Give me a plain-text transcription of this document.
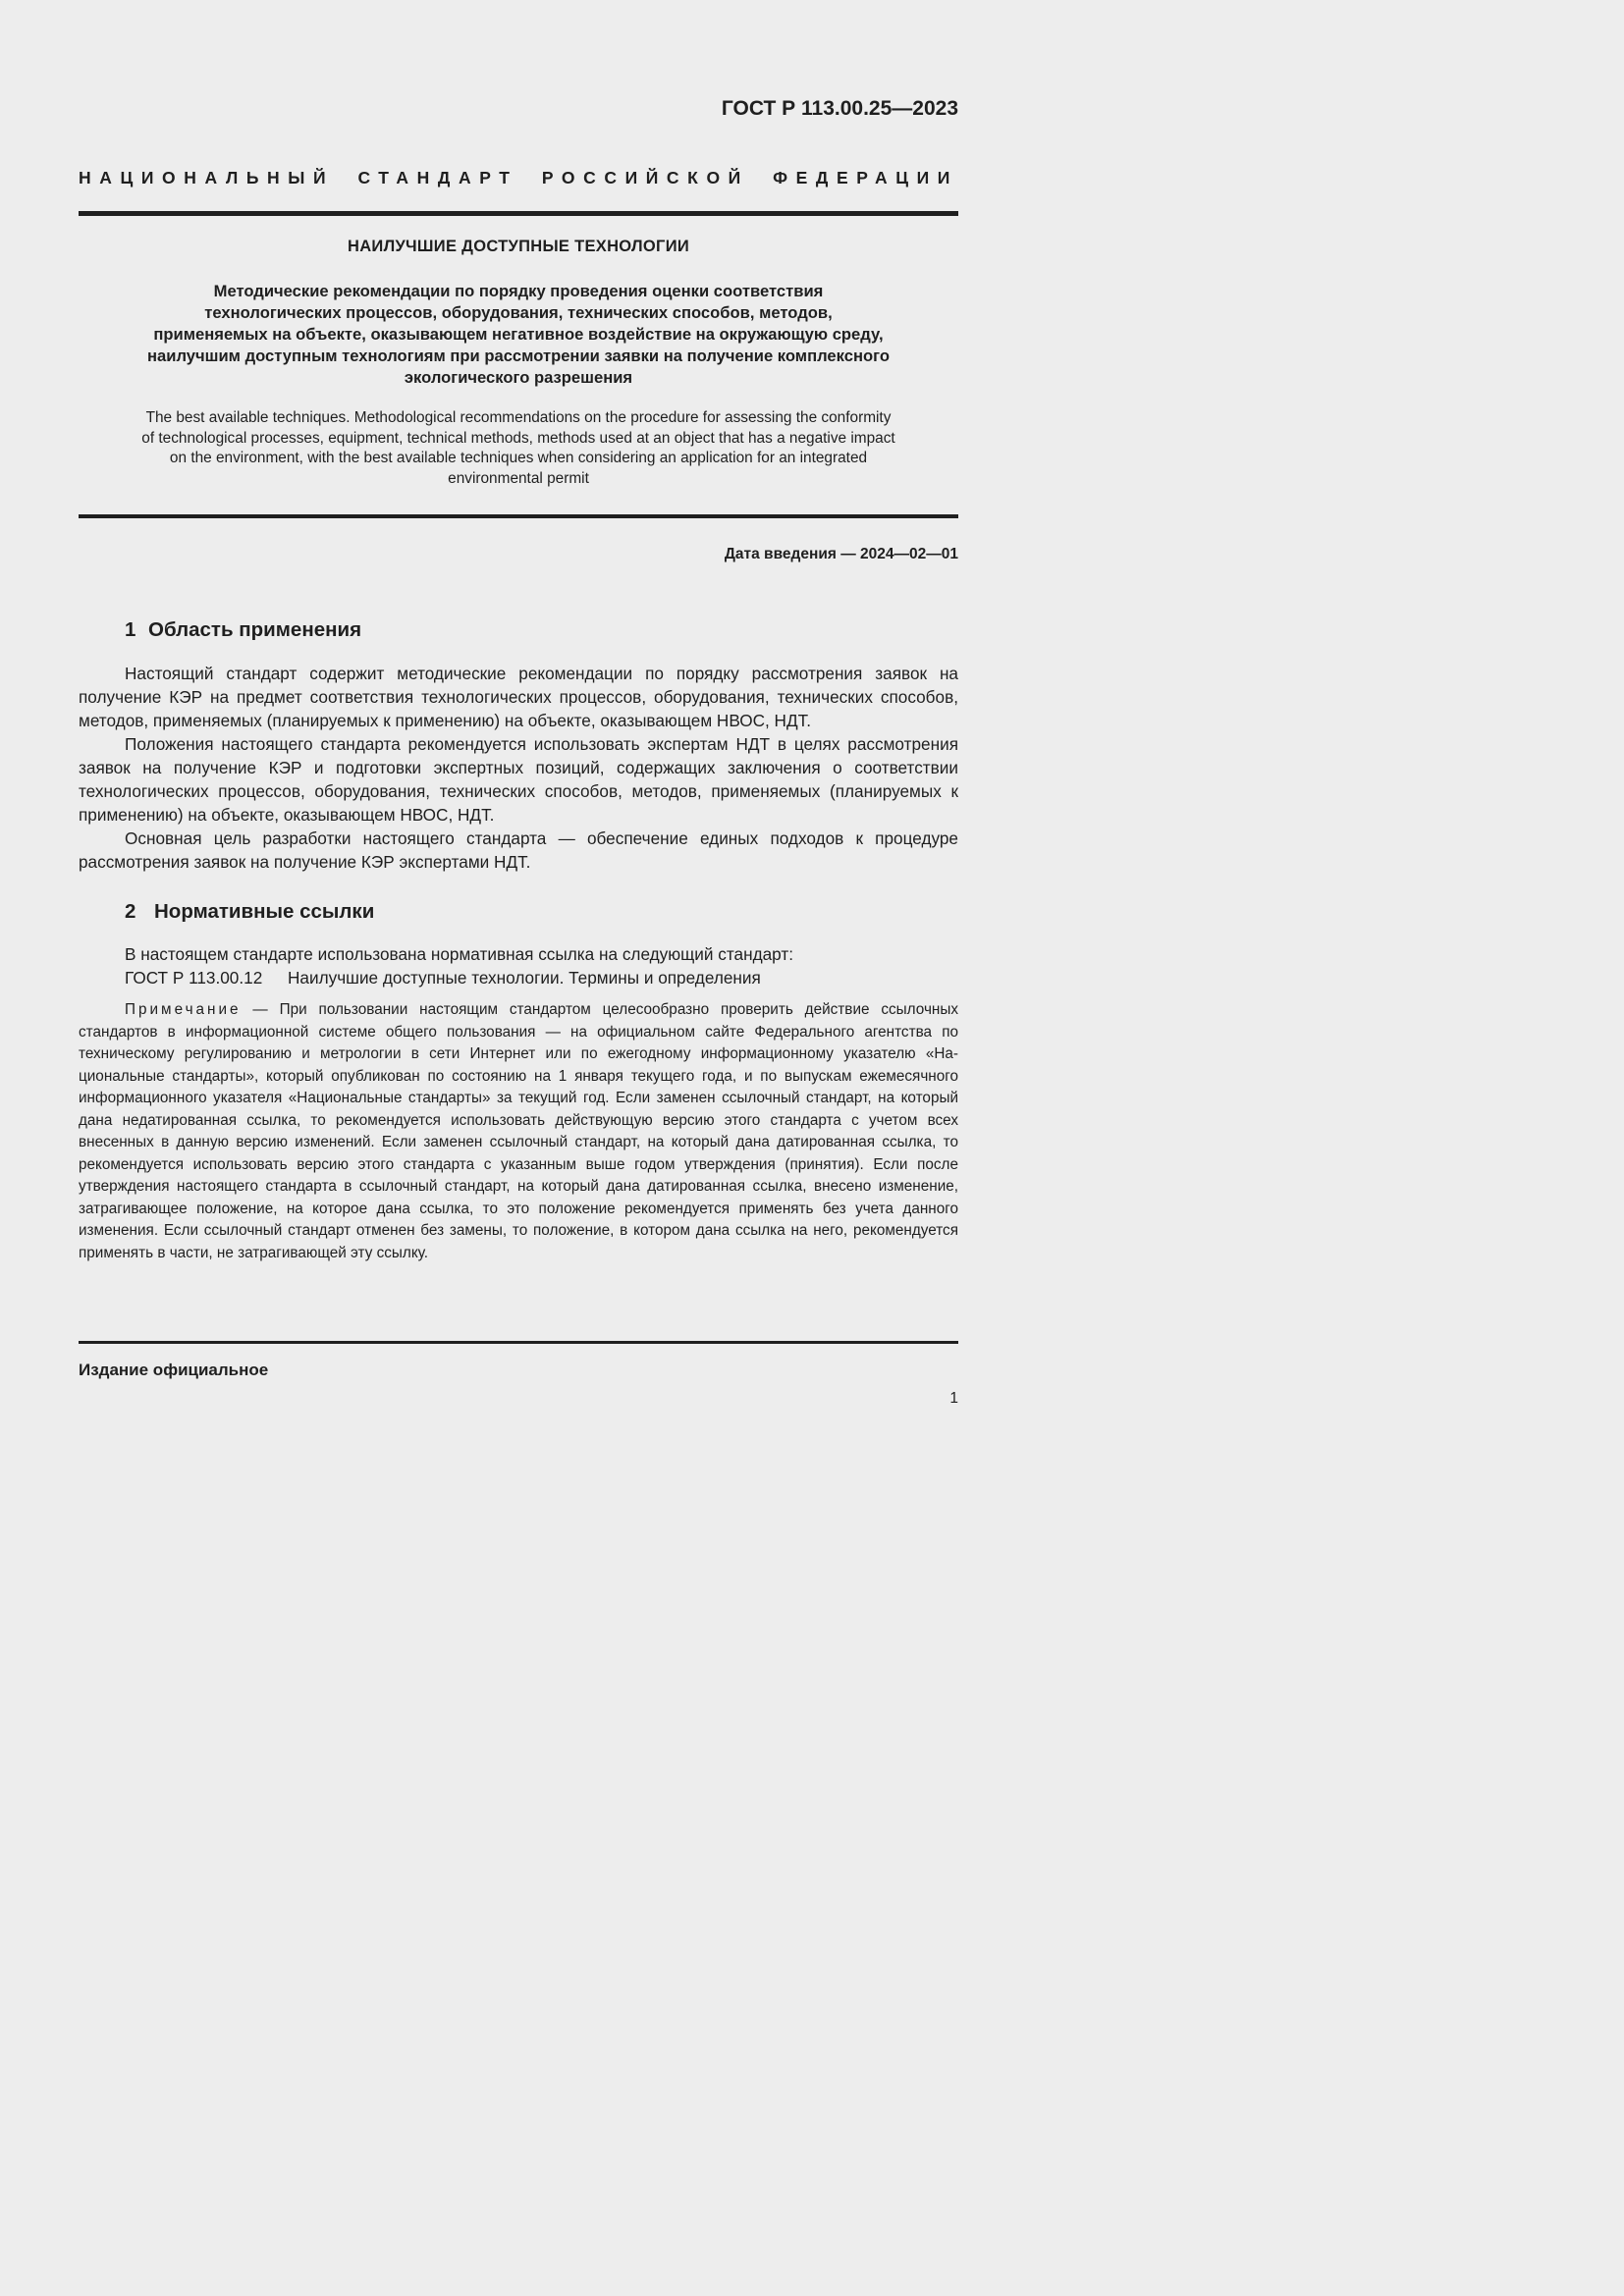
ГОСТ Р 113.00.25—2023
НАЦИОНАЛЬНЫЙ СТАНДАРТ РОССИЙСКОЙ ФЕДЕРАЦИИ
НАИЛУЧШИЕ ДОСТУПНЫЕ ТЕХНОЛОГИИ
Методические рекомендации по порядку проведения оценки соответствия
технологических процессов, оборудования, технических способов, методов,
применяемых на объекте, оказывающем негативное воздействие на окружающую среду,
наилучшим доступным технологиям при рассмотрении заявки на получение комплексного
экологического разрешения
The best available techniques. Methodological recommendations on the procedure for assessing the conformity
of technological processes, equipment, technical methods, methods used at an object that has a negative impact
on the environment, with the best available techniques when considering an application for an integrated
environmental permit
Дата введения — 2024—02—01
1 Область применения

Настоящий стандарт содержит методические рекомендации по порядку рассмотрения заявок на получение КЭР на предмет соответствия технологических процессов, оборудования, технических способов, методов, применяемых (планируемых к применению) на объекте, оказывающем НВОС, НДТ.

Положения настоящего стандарта рекомендуется использовать экспертам НДТ в целях рассмотрения заявок на получение КЭР и подготовки экспертных позиций, содержащих заключения о соответствии технологических процессов, оборудования, технических способов, методов, применяемых (планируемых к применению) на объекте, оказывающем НВОС, НДТ.

Основная цель разработки настоящего стандарта — обеспечение единых подходов к процедуре рассмотрения заявок на получение КЭР экспертами НДТ.

2 Нормативные ссылки
В настоящем стандарте использована нормативная ссылка на следующий стандарт:
ГОСТ Р 113.00.12 Наилучшие доступные технологии. Термины и определения

Примечание — При пользовании настоящим стандартом целесообразно проверить действие ссылочных стандартов в информационной системе общего пользования — на официальном сайте Федерального агентства по техническому регулированию и метрологии в сети Интернет или по ежегодному информационному указателю «Национальные стандарты», который опубликован по состоянию на 1 января текущего года, и по выпускам ежемесячного информационного указателя «Национальные стандарты» за текущий год. Если заменен ссылочный стандарт, на который дана недатированная ссылка, то рекомендуется использовать действующую версию этого стандарта с учетом всех внесенных в данную версию изменений. Если заменен ссылочный стандарт, на который дана датированная ссылка, то рекомендуется использовать версию этого стандарта с указанным выше годом утверждения (принятия). Если после утверждения настоящего стандарта в ссылочный стандарт, на который дана датированная ссылка, внесено изменение, затрагивающее положение, на которое дана ссылка, то это положение рекомендуется применять без учета данного изменения. Если ссылочный стандарт отменен без замены, то положение, в котором дана ссылка на него, рекомендуется применять в части, не затрагивающей эту ссылку.

Издание официальное
1
